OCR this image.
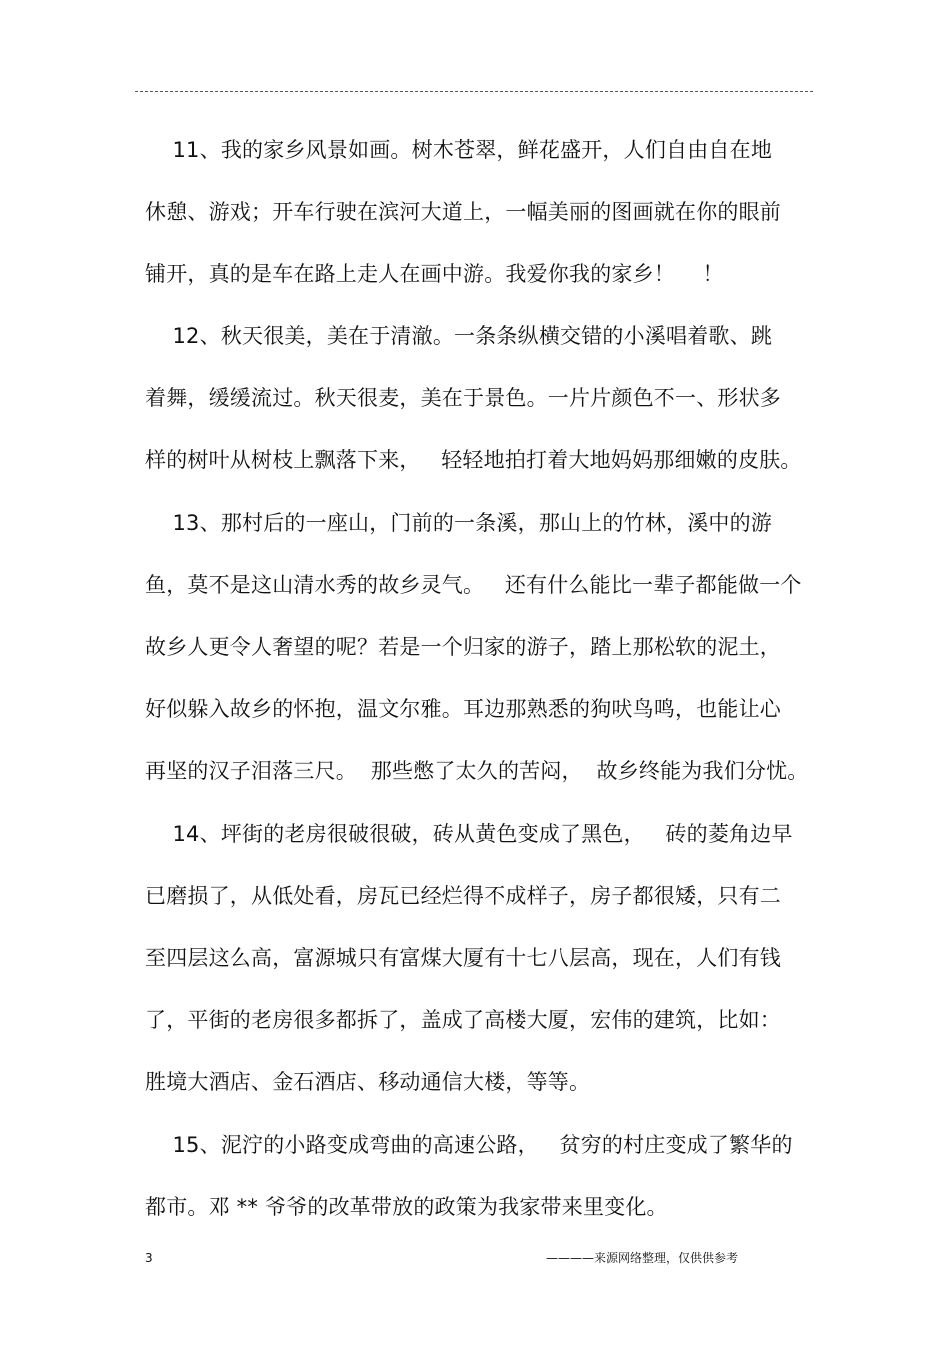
11、我的家乡风景如画。树木苍翠，鲜花盛开，人们自由自在地
休憩、游戏；开车行驶在滨河大道上，一幅美丽的图画就在你的眼前
铺开，真的是车在路上走人在画中游。我爱你我的家乡！    ！
12、秋天很美，美在于清澈。一条条纵横交错的小溪唱着歌、跳
着舞，缓缓流过。秋天很麦，美在于景色。一片片颜色不一、形状多
样的树叶从树枝上飘落下来，   轻轻地拍打着大地妈妈那细嫩的皮肤。
13、那村后的一座山，门前的一条溪，那山上的竹林，溪中的游
鱼，莫不是这山清水秀的故乡灵气。   还有什么能比一辈子都能做一个
故乡人更令人奢望的呢？若是一个归家的游子，踏上那松软的泥土，
好似躲入故乡的怀抱，温文尔雅。耳边那熟悉的狗吠鸟鸣，也能让心
再坚的汉子泪落三尺。  那些憋了太久的苦闷，  故乡终能为我们分忧。
14、坪街的老房很破很破，砖从黄色变成了黑色，   砖的菱角边早
已磨损了，从低处看，房瓦已经烂得不成样子，房子都很矮，只有二
至四层这么高，富源城只有富煤大厦有十七八层高，现在，人们有钱
了，平街的老房很多都拆了，盖成了高楼大厦，宏伟的建筑，比如：
胜境大酒店、金石酒店、移动通信大楼，等等。
15、泥泞的小路变成弯曲的高速公路，   贫穷的村庄变成了繁华的
都市。邓 ** 爷爷的改革带放的政策为我家带来里变化。
3	————来源网络整理，仅供供参考
